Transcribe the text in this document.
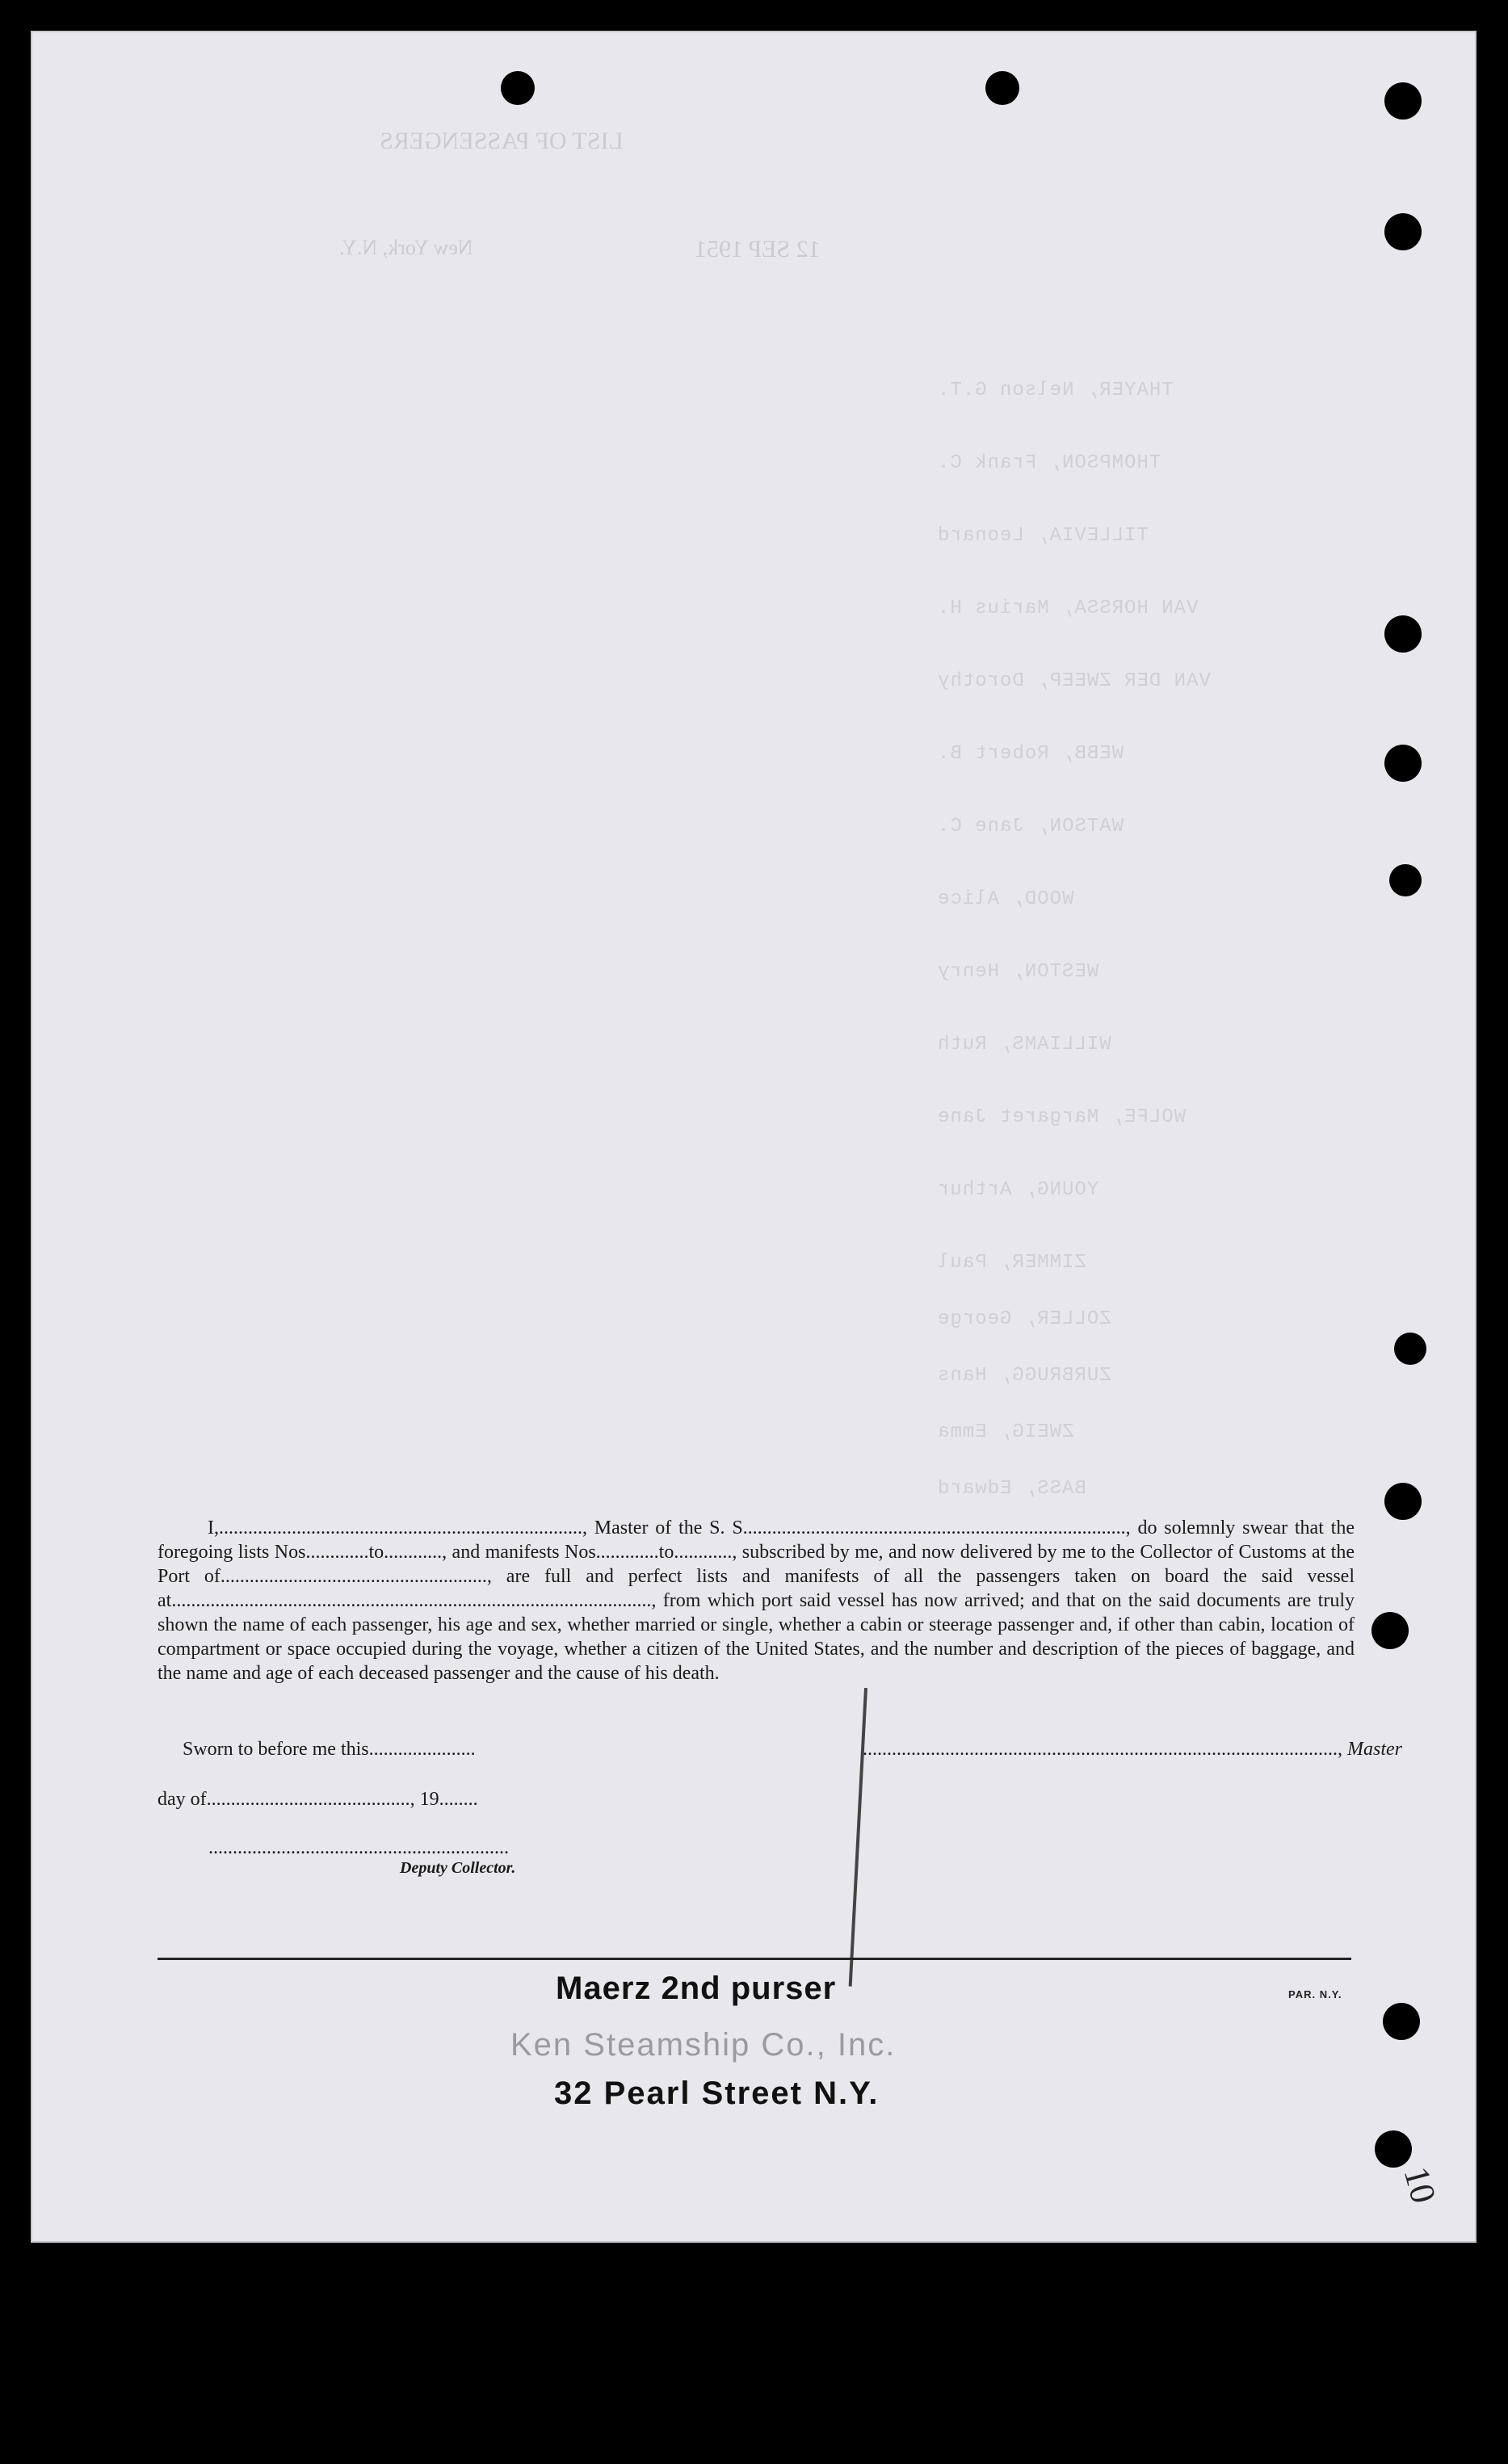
LIST OF PASSENGERS
New York, N.Y.	12 SEP 1951
THAYER, Nelson G.T.
THOMPSON, Frank C.
TILLEVIA, Leonard
VAN HORSSA, Marius H.
VAN DER ZWEEP, Dorothy
WEBB, Robert B.
WATSON, Jane C.
WOOD, Alice
WESTON, Henry
WILLIAMS, Ruth
WOLFE, Margaret Jane
YOUNG, Arthur
ZIMMER, Paul
ZOLLER, George
ZURBRUGG, Hans
ZWEIG, Emma
BASS, Edward

I,..........................................................................., Master of the S. S..............................................................................., do solemnly swear that the foregoing lists Nos.............to............, and manifests Nos.............to............, subscribed by me, and now delivered by me to the Collector of Customs at the Port of......................................................., are full and perfect lists and manifests of all the passengers taken on board the said vessel at..................................................................................................., from which port said vessel has now arrived; and that on the said documents are truly shown the name of each passenger, his age and sex, whether married or single, whether a cabin or steerage passenger and, if other than cabin, location of compartment or space occupied during the voyage, whether a citizen of the United States, and the number and description of the pieces of baggage, and the name and age of each deceased passenger and the cause of his death.

Sworn to before me this......................	.................................................................................................., Master
day of.........................................., 19........
..............................................................
Deputy Collector.
PAR. N.Y.
Maerz 2nd purser
Ken Steamship Co., Inc.
32 Pearl Street N.Y.
10
